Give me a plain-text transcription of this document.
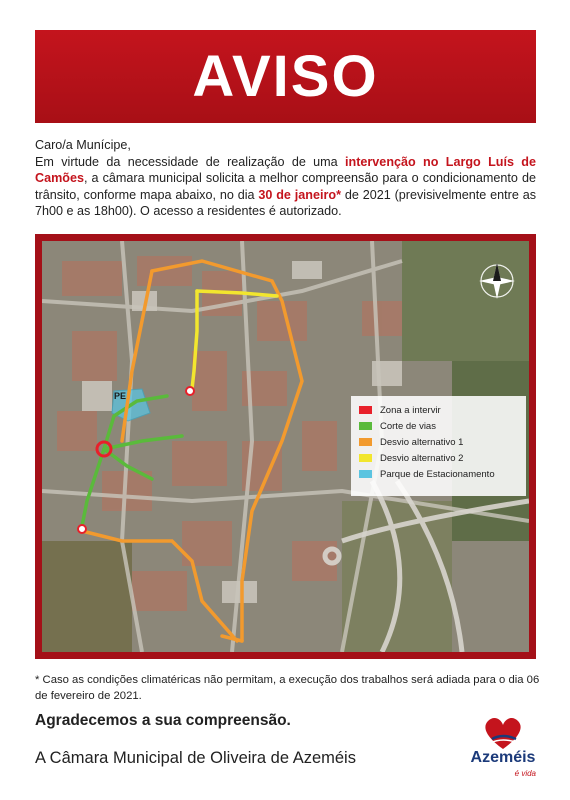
AVISO

Caro/a Munícipe,

Em virtude da necessidade de realização de uma intervenção no Largo Luís de Camões, a câmara municipal solicita a melhor compreensão para o condicionamento de trânsito, conforme mapa abaixo, no dia 30 de janeiro* de 2021 (previsivelmente entre as 7h00 e as 18h00). O acesso a residentes é autorizado.

PE
Zona a intervir
Corte de vias
Desvio alternativo 1
Desvio alternativo 2
Parque de Estacionamento
* Caso as condições climatéricas não permitam, a execução dos trabalhos será adiada para o dia 06 de fevereiro de 2021.
Agradecemos a sua compreensão.
A Câmara Municipal de Oliveira de Azeméis	Azeméis
é vida
